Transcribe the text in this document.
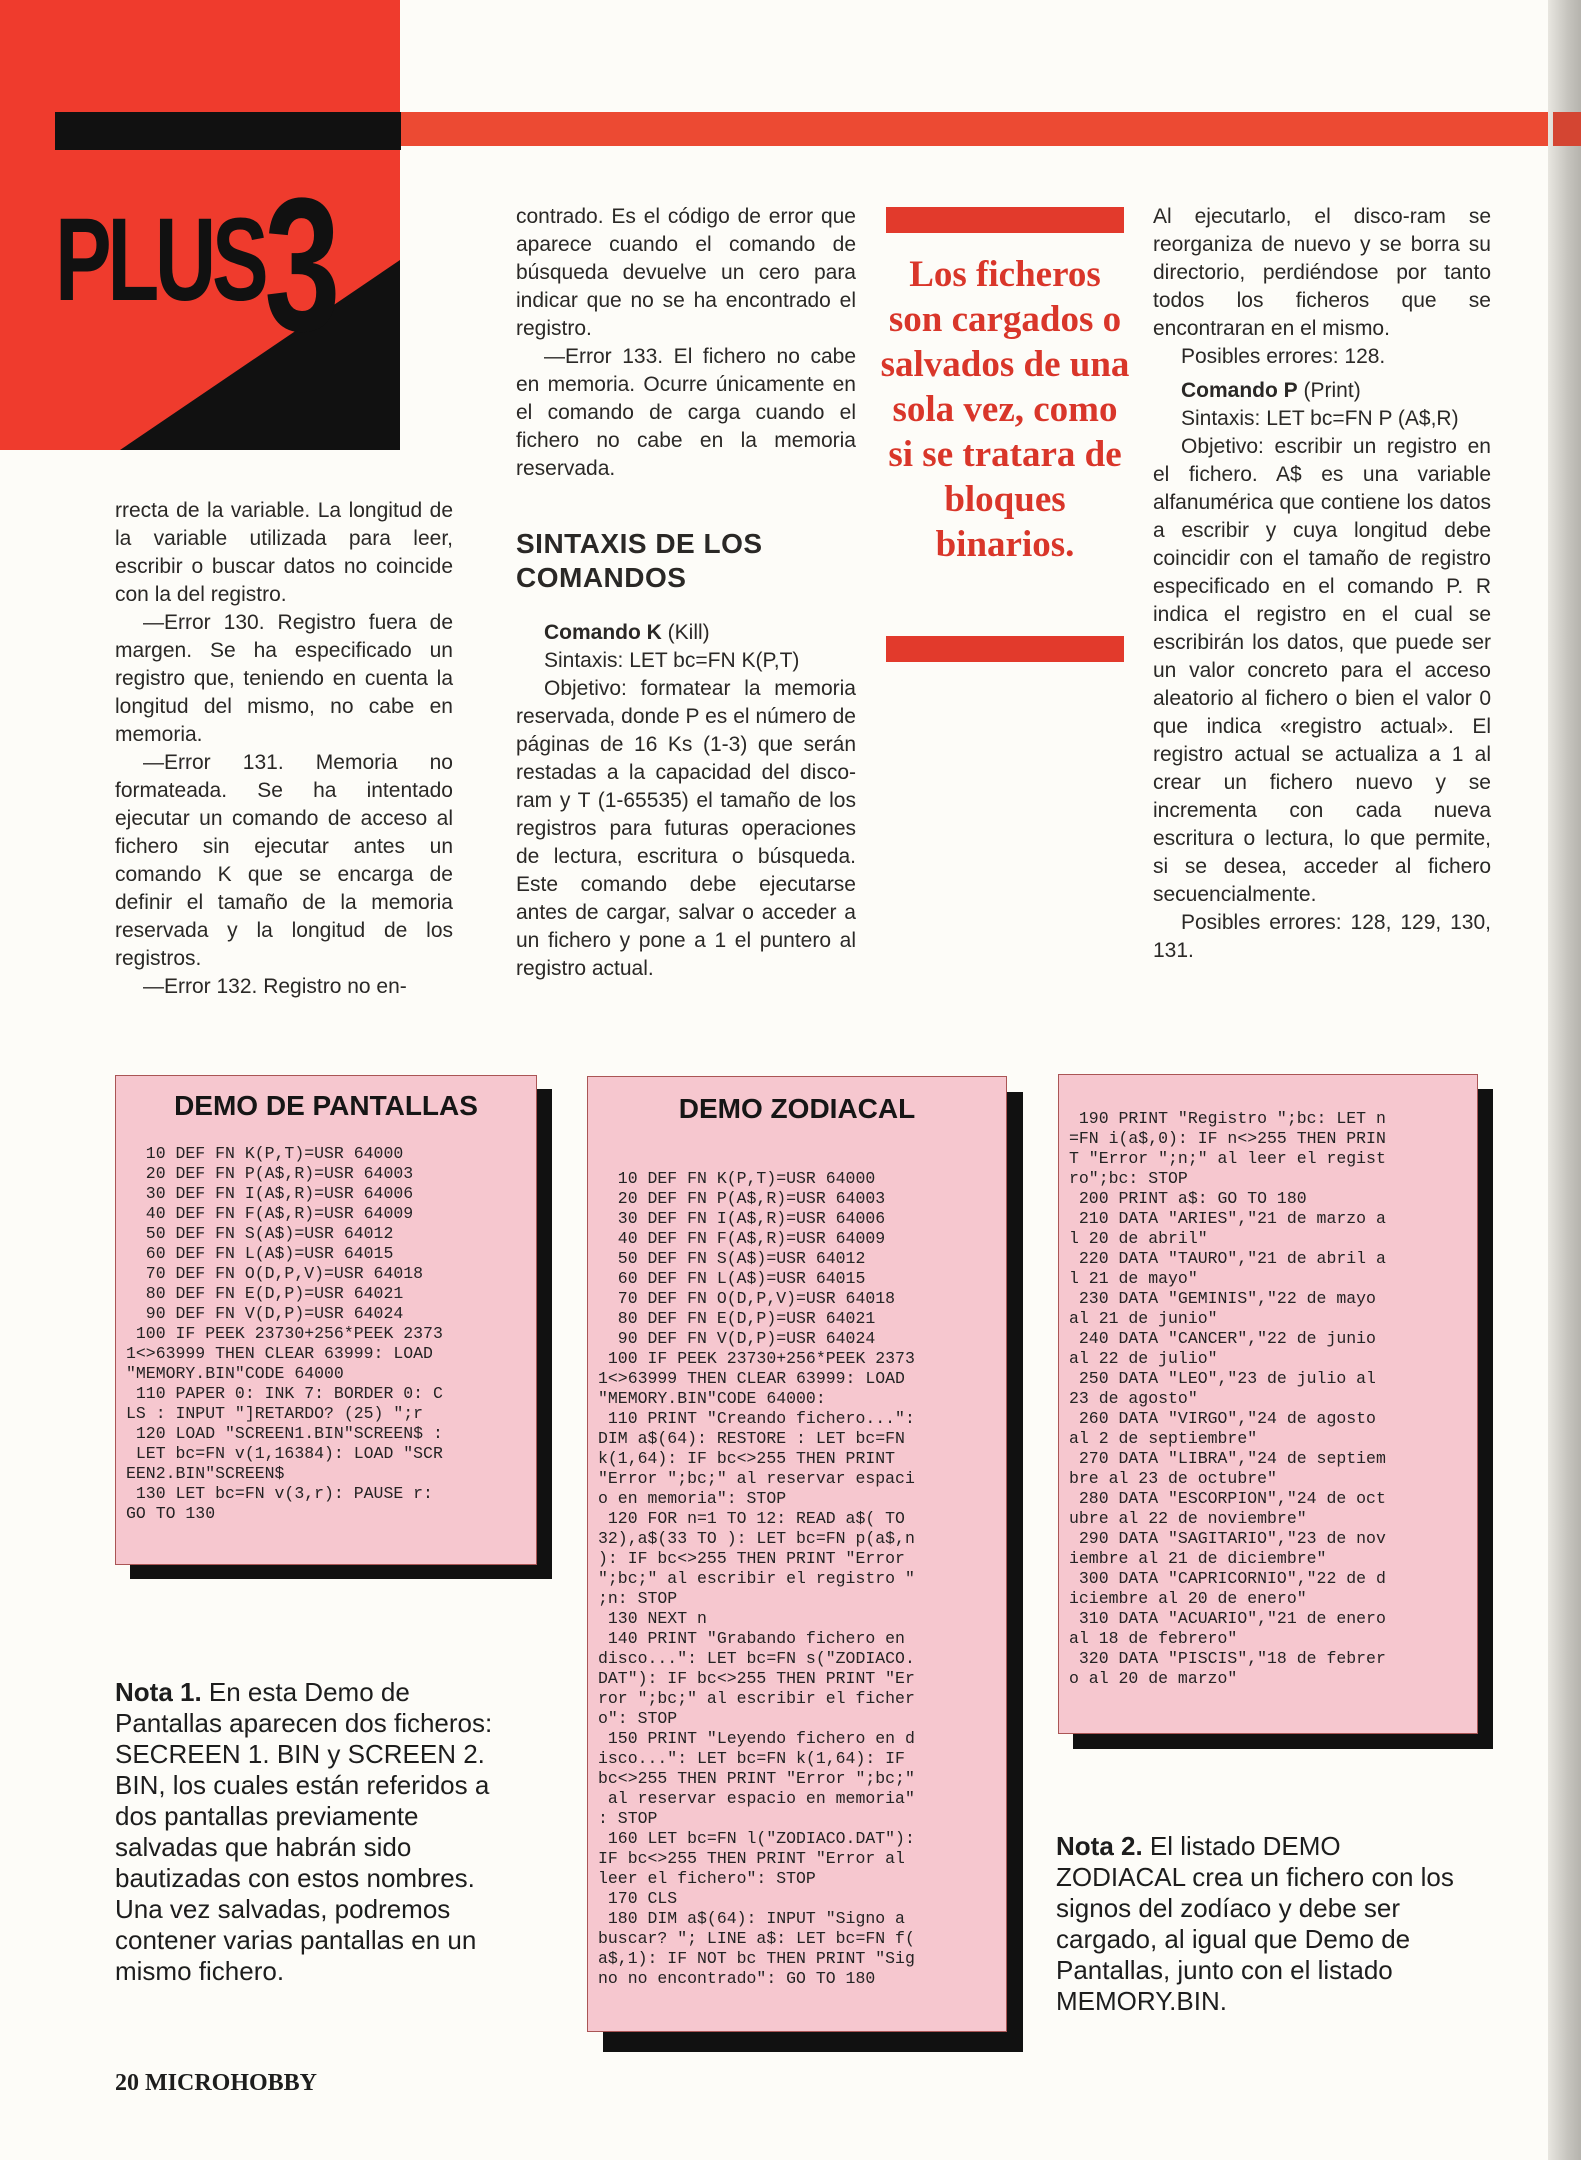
PLUS3

rrecta de la variable. La longitud de la variable utilizada para leer, escribir o buscar datos no coincide con la del registro.

—Error 130. Registro fuera de margen. Se ha especificado un registro que, teniendo en cuenta la longitud del mismo, no cabe en memoria.

—Error 131. Memoria no formateada. Se ha intentado ejecutar un comando de acceso al fichero sin ejecutar antes un comando K que se encarga de definir el tamaño de la memoria reservada y la longitud de los registros.

—Error 132. Registro no en-

contrado. Es el código de error que aparece cuando el comando de búsqueda devuelve un cero para indicar que no se ha encontrado el registro.

—Error 133. El fichero no cabe en memoria. Ocurre únicamente en el comando de carga cuando el fichero no cabe en la memoria reservada.

SINTAXIS DE LOS COMANDOS

Comando K (Kill)

Sintaxis: LET bc=FN K(P,T)

Objetivo: formatear la memoria reservada, donde P es el número de páginas de 16 Ks (1-3) que serán restadas a la capacidad del disco-ram y T (1-65535) el tamaño de los registros para futuras operaciones de lectura, escritura o búsqueda. Este comando debe ejecutarse antes de cargar, salvar o acceder a un fichero y pone a 1 el puntero al registro actual.

Los ficheros son cargados o salvados de una sola vez, como si se tratara de bloques binarios.

Al ejecutarlo, el disco-ram se reorganiza de nuevo y se borra su directorio, perdiéndose por tanto todos los ficheros que se encontraran en el mismo.

Posibles errores: 128.

Comando P (Print)

Sintaxis: LET bc=FN P (A$,R)

Objetivo: escribir un registro en el fichero. A$ es una variable alfanumérica que contiene los datos a escribir y cuya longitud debe coincidir con el tamaño de registro especificado en el comando P. R indica el registro en el cual se escribirán los datos, que puede ser un valor concreto para el acceso aleatorio al fichero o bien el valor 0 que indica «registro actual». El registro actual se actualiza a 1 al crear un fichero nuevo y se incrementa con cada nueva escritura o lectura, lo que permite, si se desea, acceder al fichero secuencialmente.

Posibles errores: 128, 129, 130, 131.

DEMO DE PANTALLAS
10 DEF FN K(P,T)=USR 64000
20 DEF FN P(A$,R)=USR 64003
30 DEF FN I(A$,R)=USR 64006
40 DEF FN F(A$,R)=USR 64009
50 DEF FN S(A$)=USR 64012
60 DEF FN L(A$)=USR 64015
70 DEF FN O(D,P,V)=USR 64018
80 DEF FN E(D,P)=USR 64021
90 DEF FN V(D,P)=USR 64024
100 IF PEEK 23730+256*PEEK 2373
1<>63999 THEN CLEAR 63999: LOAD
"MEMORY.BIN"CODE 64000
110 PAPER 0: INK 7: BORDER 0: C
LS : INPUT "]RETARDO? (25) ";r
120 LOAD "SCREEN1.BIN"SCREEN$ :
LET bc=FN v(1,16384): LOAD "SCR
EEN2.BIN"SCREEN$
130 LET bc=FN v(3,r): PAUSE r:
GO TO 130
DEMO ZODIACAL
10 DEF FN K(P,T)=USR 64000
20 DEF FN P(A$,R)=USR 64003
30 DEF FN I(A$,R)=USR 64006
40 DEF FN F(A$,R)=USR 64009
50 DEF FN S(A$)=USR 64012
60 DEF FN L(A$)=USR 64015
70 DEF FN O(D,P,V)=USR 64018
80 DEF FN E(D,P)=USR 64021
90 DEF FN V(D,P)=USR 64024
100 IF PEEK 23730+256*PEEK 2373
1<>63999 THEN CLEAR 63999: LOAD
"MEMORY.BIN"CODE 64000:
110 PRINT "Creando fichero...":
DIM a$(64): RESTORE : LET bc=FN
k(1,64): IF bc<>255 THEN PRINT
"Error ";bc;" al reservar espaci
o en memoria": STOP
120 FOR n=1 TO 12: READ a$( TO
32),a$(33 TO ): LET bc=FN p(a$,n
): IF bc<>255 THEN PRINT "Error
";bc;" al escribir el registro "
;n: STOP
130 NEXT n
140 PRINT "Grabando fichero en
disco...": LET bc=FN s("ZODIACO.
DAT"): IF bc<>255 THEN PRINT "Er
ror ";bc;" al escribir el ficher
o": STOP
150 PRINT "Leyendo fichero en d
isco...": LET bc=FN k(1,64): IF
bc<>255 THEN PRINT "Error ";bc;"
al reservar espacio en memoria"
: STOP
160 LET bc=FN l("ZODIACO.DAT"):
IF bc<>255 THEN PRINT "Error al
leer el fichero": STOP
170 CLS
180 DIM a$(64): INPUT "Signo a
buscar? "; LINE a$: LET bc=FN f(
a$,1): IF NOT bc THEN PRINT "Sig
no no encontrado": GO TO 180
190 PRINT "Registro ";bc: LET n
=FN i(a$,0): IF n<>255 THEN PRIN
T "Error ";n;" al leer el regist
ro";bc: STOP
200 PRINT a$: GO TO 180
210 DATA "ARIES","21 de marzo a
l 20 de abril"
220 DATA "TAURO","21 de abril a
l 21 de mayo"
230 DATA "GEMINIS","22 de mayo
al 21 de junio"
240 DATA "CANCER","22 de junio
al 22 de julio"
250 DATA "LEO","23 de julio al
23 de agosto"
260 DATA "VIRGO","24 de agosto
al 2 de septiembre"
270 DATA "LIBRA","24 de septiem
bre al 23 de octubre"
280 DATA "ESCORPION","24 de oct
ubre al 22 de noviembre"
290 DATA "SAGITARIO","23 de nov
iembre al 21 de diciembre"
300 DATA "CAPRICORNIO","22 de d
iciembre al 20 de enero"
310 DATA "ACUARIO","21 de enero
al 18 de febrero"
320 DATA "PISCIS","18 de febrer
o al 20 de marzo"
Nota 1. En esta Demo de Pantallas aparecen dos ficheros: SECREEN 1. BIN y SCREEN 2. BIN, los cuales están referidos a dos pantallas previamente salvadas que habrán sido bautizadas con estos nombres. Una vez salvadas, podremos contener varias pantallas en un mismo fichero.
Nota 2. El listado DEMO ZODIACAL crea un fichero con los signos del zodíaco y debe ser cargado, al igual que Demo de Pantallas, junto con el listado MEMORY.BIN.
20 MICROHOBBY
